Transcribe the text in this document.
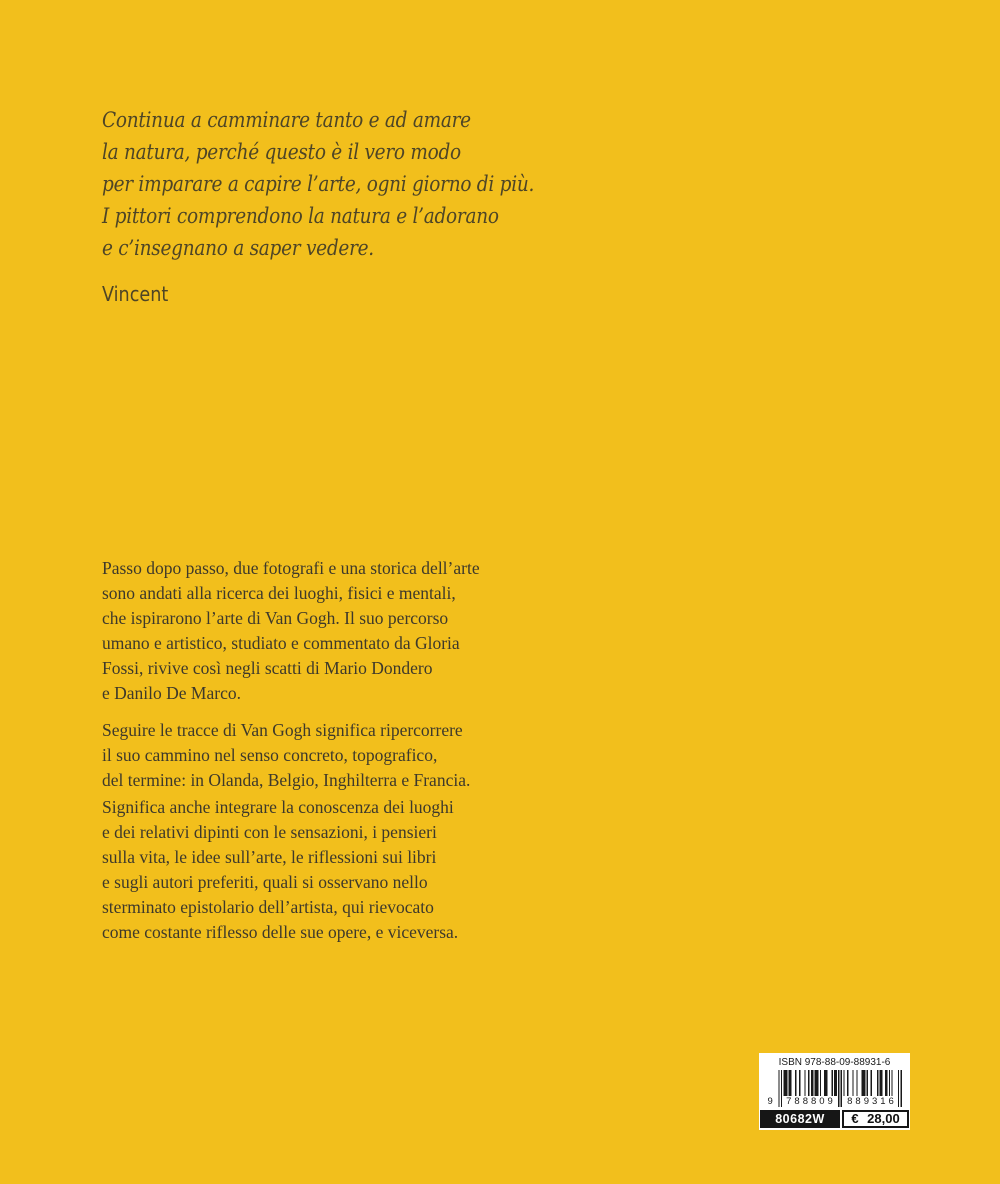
Continua a camminare tanto e ad amare
la natura, perché questo è il vero modo
per imparare a capire l’arte, ogni giorno di più.
I pittori comprendono la natura e l’adorano
e c’insegnano a saper vedere.
Vincent
Passo dopo passo, due fotografi e una storica dell’arte
sono andati alla ricerca dei luoghi, fisici e mentali,
che ispirarono l’arte di Van Gogh. Il suo percorso
umano e artistico, studiato e commentato da Gloria
Fossi, rivive così negli scatti di Mario Dondero
e Danilo De Marco.
Seguire le tracce di Van Gogh significa ripercorrere
il suo cammino nel senso concreto, topografico,
del termine: in Olanda, Belgio, Inghilterra e Francia.
Significa anche integrare la conoscenza dei luoghi
e dei relativi dipinti con le sensazioni, i pensieri
sulla vita, le idee sull’arte, le riflessioni sui libri
e sugli autori preferiti, quali si osservano nello
sterminato epistolario dell’artista, qui rievocato
come costante riflesso delle sue opere, e viceversa.
ISBN 978-88-09-88931-6
9	788809	889316
80682W	€ 28,00
